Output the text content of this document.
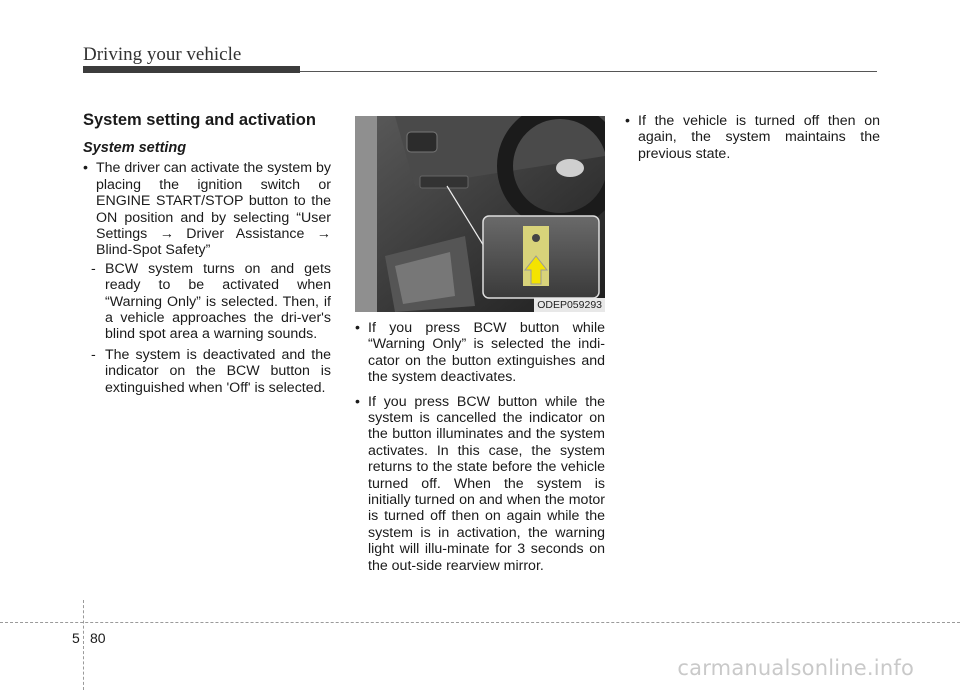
Driving your vehicle
System setting and activation
System setting

• The driver can activate the system by placing the ignition switch or ENGINE START/STOP button to the ON position and by selecting “User Settings → Driver Assistance → Blind-Spot Safety”

- BCW system turns on and gets ready to be activated when “Warning Only” is selected. Then, if a vehicle approaches the dri-ver's blind spot area a warning sounds.

- The system is deactivated and the indicator on the BCW button is extinguished when 'Off' is selected.

ODEP059293

• If you press BCW button while “Warning Only” is selected the indi-cator on the button extinguishes and the system deactivates.

• If you press BCW button while the system is cancelled the indicator on the button illuminates and the system activates. In this case, the system returns to the state before the vehicle turned off. When the system is initially turned on and when the motor is turned off then on again while the system is in activation, the warning light will illu-minate for 3 seconds on the out-side rearview mirror.

• If the vehicle is turned off then on again, the system maintains the previous state.

5 80
carmanualsonline.info
